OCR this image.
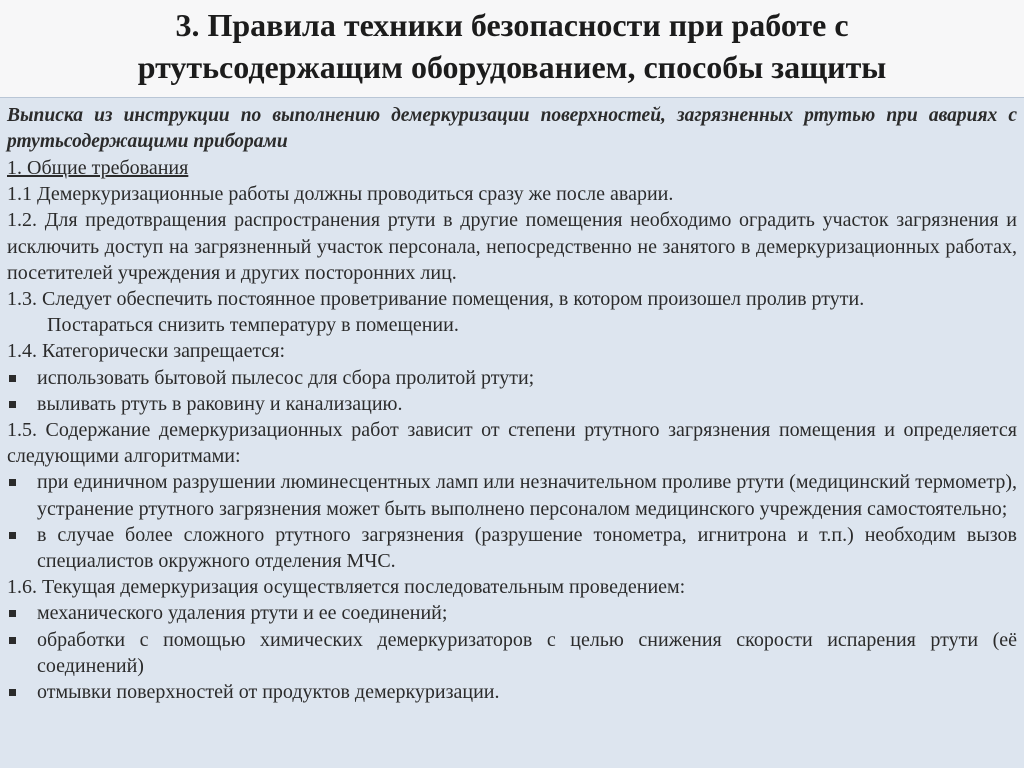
3. Правила техники безопасности при работе с
ртутьсодержащим оборудованием, способы защиты
Выписка из инструкции по выполнению демеркуризации поверхностей, загрязненных ртутью при авариях с ртутьсодержащими приборами
1. Общие требования
1.1 Демеркуризационные работы должны проводиться сразу же после аварии.
1.2. Для предотвращения распространения ртути в другие помещения необходимо оградить участок загрязнения и исключить доступ на загрязненный участок персонала, непосредственно не занятого в демеркуризационных работах, посетителей учреждения и других посторонних лиц.
1.3. Следует обеспечить постоянное проветривание помещения, в котором произошел пролив ртути.
Постараться снизить температуру в помещении.
1.4. Категорически запрещается:
использовать бытовой пылесос для сбора пролитой ртути;
выливать ртуть в раковину и канализацию.
1.5. Содержание демеркуризационных работ зависит от степени ртутного загрязнения помещения и определяется следующими алгоритмами:
при единичном разрушении люминесцентных ламп или незначительном проливе ртути (медицинский термометр), устранение ртутного загрязнения может быть выполнено персоналом медицинского учреждения самостоятельно;
в случае более сложного ртутного загрязнения (разрушение тонометра, игнитрона и т.п.) необходим вызов специалистов окружного отделения МЧС.
1.6. Текущая демеркуризация осуществляется последовательным проведением:
механического удаления ртути и ее соединений;
обработки с помощью химических демеркуризаторов с целью снижения скорости испарения ртути (её соединений)
отмывки поверхностей от продуктов демеркуризации.
